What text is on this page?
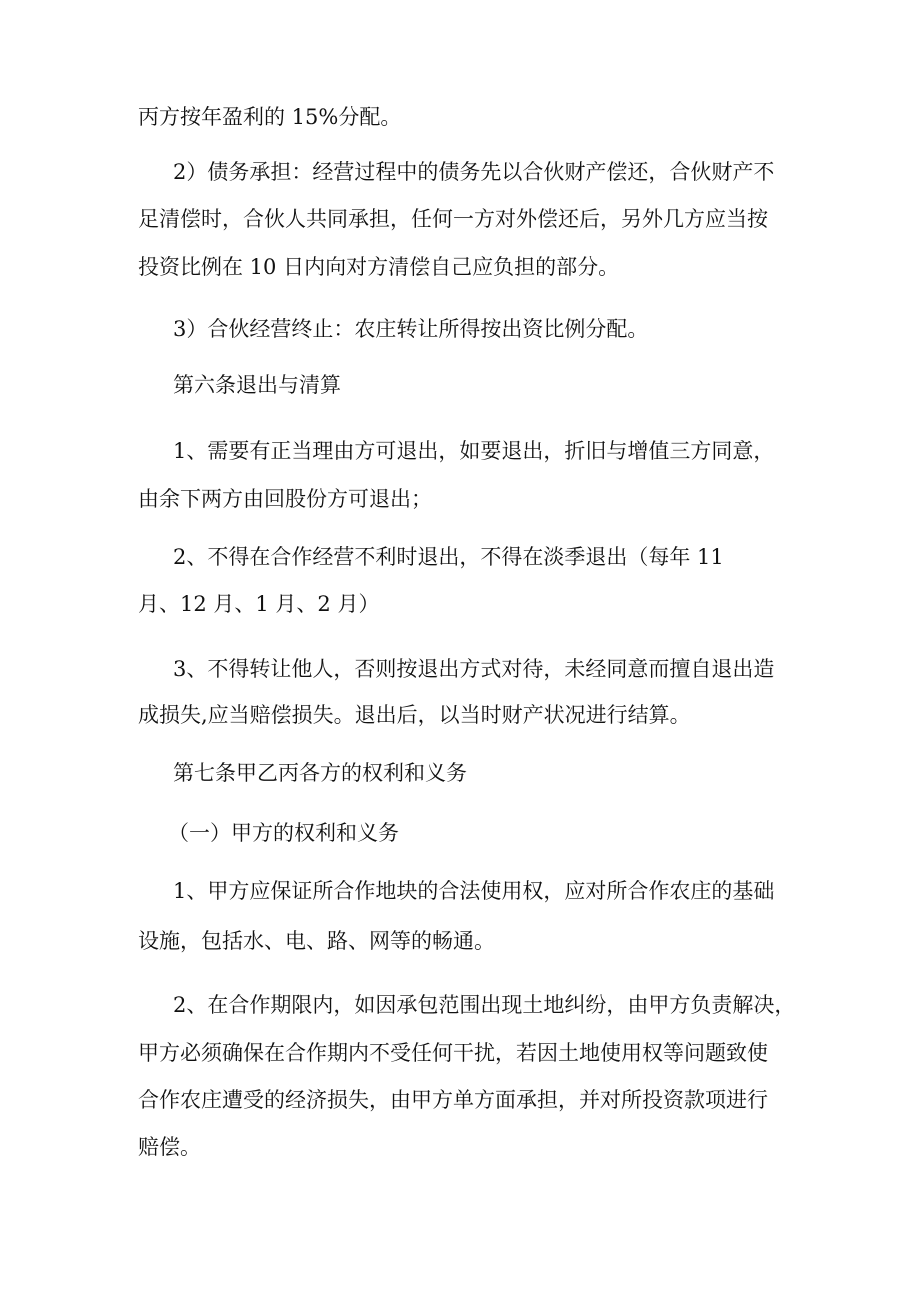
丙方按年盈利的 15%分配。
2）债务承担：经营过程中的债务先以合伙财产偿还，合伙财产不
足清偿时，合伙人共同承担，任何一方对外偿还后，另外几方应当按
投资比例在 10 日内向对方清偿自己应负担的部分。
3）合伙经营终止：农庄转让所得按出资比例分配。
第六条退出与清算
1、需要有正当理由方可退出，如要退出，折旧与增值三方同意，
由余下两方由回股份方可退出；
2、不得在合作经营不利时退出，不得在淡季退出（每年 11
月、12 月、1 月、2 月）
3、不得转让他人，否则按退出方式对待，未经同意而擅自退出造
成损失,应当赔偿损失。退出后，以当时财产状况进行结算。
第七条甲乙丙各方的权利和义务
（一）甲方的权利和义务
1、甲方应保证所合作地块的合法使用权，应对所合作农庄的基础
设施，包括水、电、路、网等的畅通。
2、在合作期限内，如因承包范围出现土地纠纷，由甲方负责解决，
甲方必须确保在合作期内不受任何干扰，若因土地使用权等问题致使
合作农庄遭受的经济损失，由甲方单方面承担，并对所投资款项进行
赔偿。
